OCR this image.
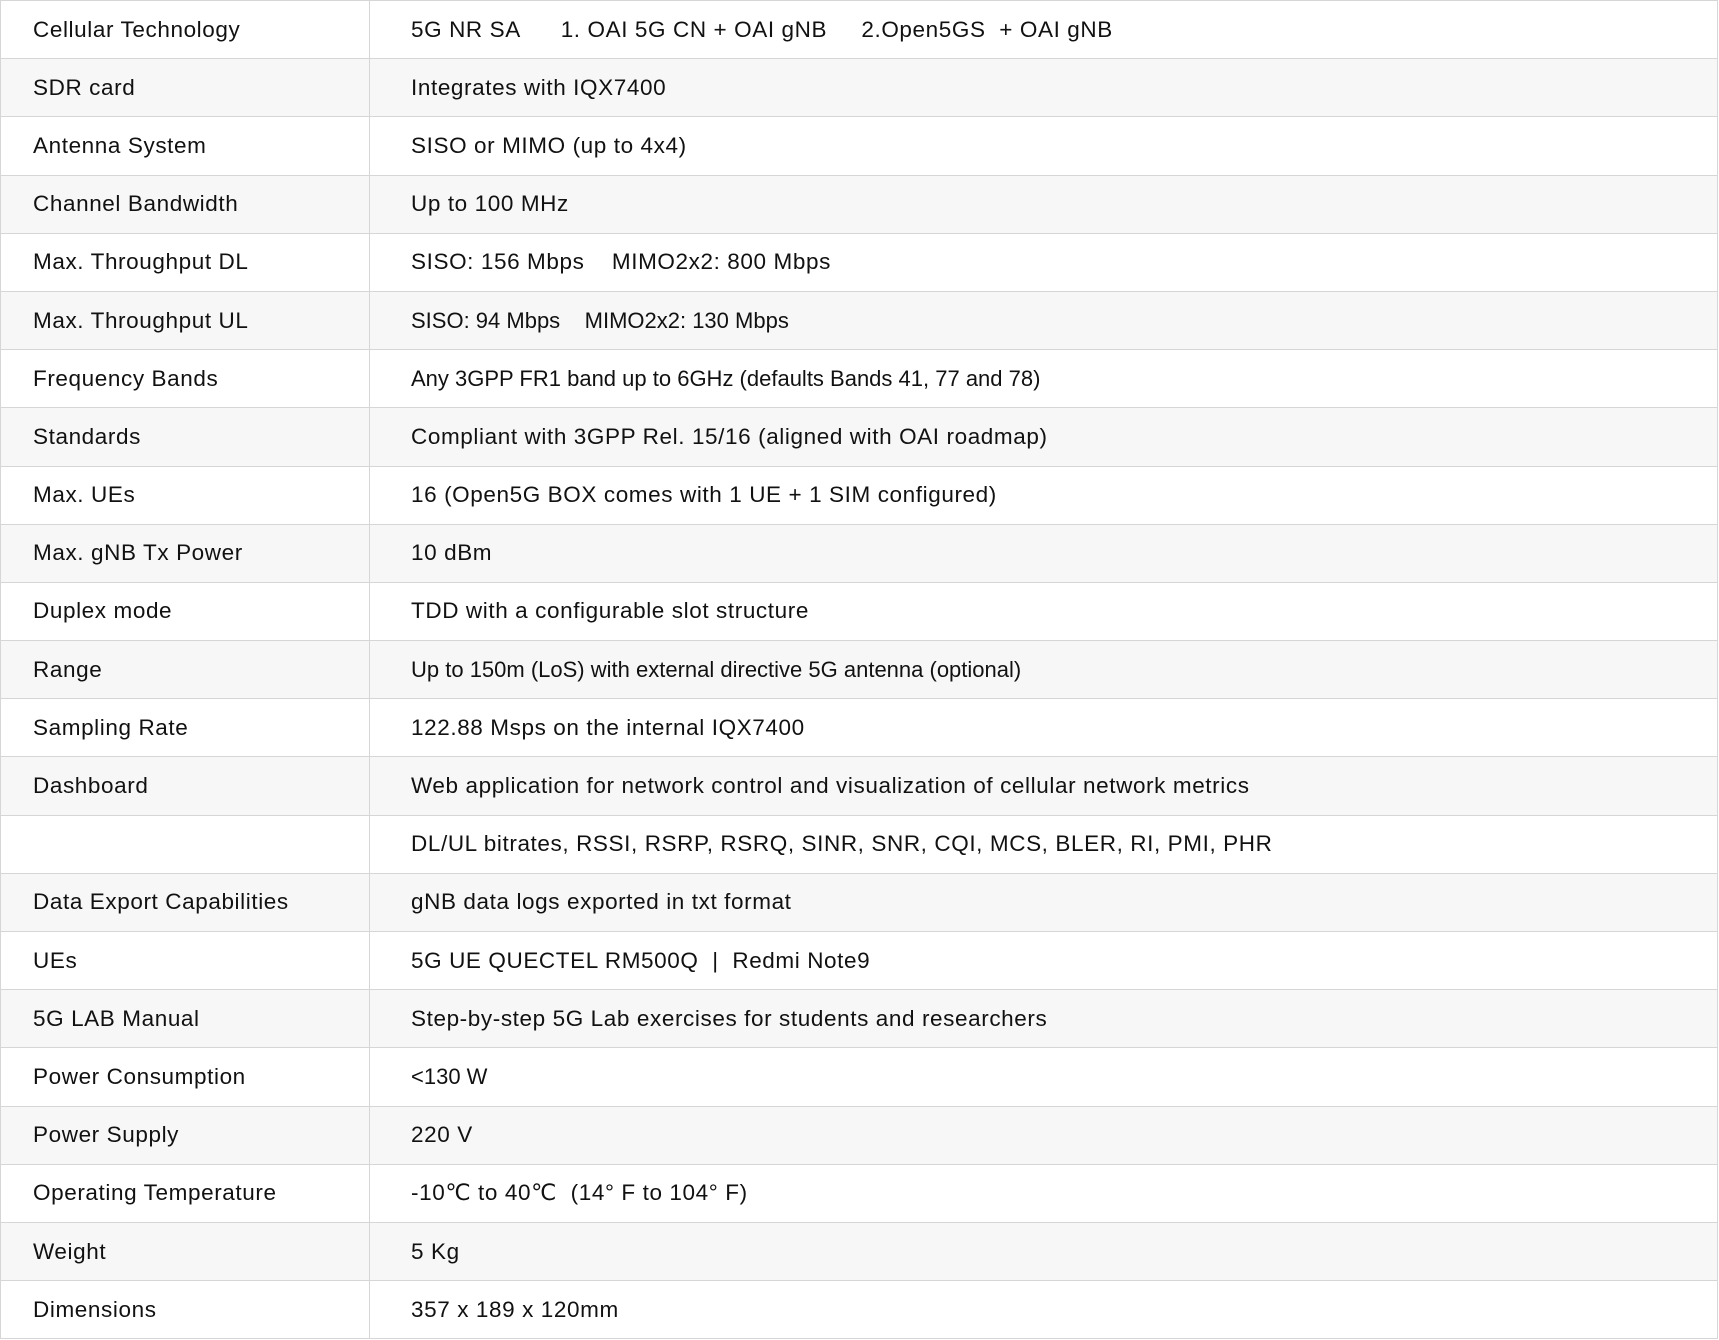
Cellular Technology	5G NR SA      1. OAI 5G CN + OAI gNB     2.Open5GS  + OAI gNB
SDR card	Integrates with IQX7400
Antenna System	SISO or MIMO (up to 4x4)
Channel Bandwidth	Up to 100 MHz
Max. Throughput DL	SISO: 156 Mbps    MIMO2x2: 800 Mbps
Max. Throughput UL	SISO: 94 Mbps    MIMO2x2: 130 Mbps
Frequency Bands	Any 3GPP FR1 band up to 6GHz (defaults Bands 41, 77 and 78)
Standards	Compliant with 3GPP Rel. 15/16 (aligned with OAI roadmap)
Max. UEs	16 (Open5G BOX comes with 1 UE + 1 SIM configured)
Max. gNB Tx Power	10 dBm
Duplex mode	TDD with a configurable slot structure
Range	Up to 150m (LoS) with external directive 5G antenna (optional)
Sampling Rate	122.88 Msps on the internal IQX7400
Dashboard	Web application for network control and visualization of cellular network metrics
	DL/UL bitrates, RSSI, RSRP, RSRQ, SINR, SNR, CQI, MCS, BLER, RI, PMI, PHR
Data Export Capabilities	gNB data logs exported in txt format
UEs	5G UE QUECTEL RM500Q  |  Redmi Note9
5G LAB Manual	Step-by-step 5G Lab exercises for students and researchers
Power Consumption	<130 W
Power Supply	220 V
Operating Temperature	-10℃ to 40℃  (14° F to 104° F)
Weight	5 Kg
Dimensions	357 x 189 x 120mm
